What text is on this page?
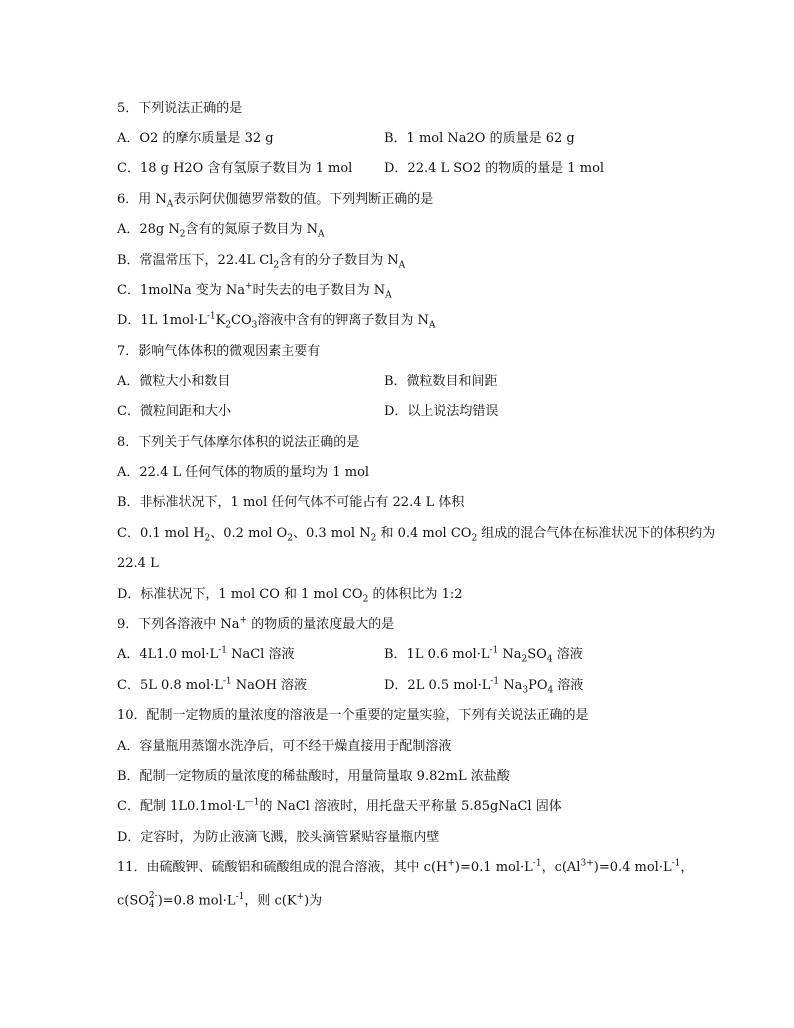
5．下列说法正确的是
A．O2 的摩尔质量是 32 g	B．1 mol Na2O 的质量是 62 g
C．18 g H2O 含有氢原子数目为 1 mol D．22.4 L SO2 的物质的量是 1 mol
6．用 $N_A$表示阿伏伽德罗常数的值。下列判断正确的是
A．28g $N_2$含有的氮原子数目为 $N_A$
B．常温常压下，22.4L $Cl_2$含有的分子数目为 $N_A$
C．1molNa 变为 Na+时失去的电子数目为 $N_A$
D．1L $1mol\cdot L^{-1}K_2CO_3$溶液中含有的钾离子数目为 $N_A$
7．影响气体体积的微观因素主要有
A．微粒大小和数目	B．微粒数目和间距
C．微粒间距和大小	D．以上说法均错误
8．下列关于气体摩尔体积的说法正确的是
A．22.4 L 任何气体的物质的量均为 1 mol
B．非标准状况下，1 mol 任何气体不可能占有 22.4 L 体积
C．0.1 mol $H_2$、0.2 mol $O_2$、0.3 mol $N_2$ 和 0.4 mol $CO_2$ 组成的混合气体在标准状况下的体积约为
22.4 L
D．标准状况下，1 mol CO 和 1 mol $CO_2$ 的体积比为 1:2
9．下列各溶液中 Na+ 的物质的量浓度最大的是
A．4L1.0 $mol\cdot L^{-1}$ NaCl 溶液	B．1L 0.6 $mol\cdot L^{-1}$ $Na_2SO_4$ 溶液
C．5L 0.8 $mol\cdot L^{-1}$ NaOH 溶液	D．2L 0.5 $mol\cdot L^{-1}$ $Na_3PO_4$ 溶液
10．配制一定物质的量浓度的溶液是一个重要的定量实验，下列有关说法正确的是
A．容量瓶用蒸馏水洗净后，可不经干燥直接用于配制溶液
B．配制一定物质的量浓度的稀盐酸时，用量筒量取 9.82mL 浓盐酸
C．配制 $1L0.1mol\cdot L^{—1}$的 NaCl 溶液时，用托盘天平称量 5.85gNaCl 固体
D．定容时，为防止液滴飞溅，胶头滴管紧贴容量瓶内壁
11．由硫酸钾、硫酸铝和硫酸组成的混合溶液，其中 c(H+)=0.1 $mol\cdot L^{-1}$，$c(Al^{3+})=0.4$ $mol\cdot L^{-1}$，
c(SO 2-
4 )=0.8 $mol\cdot L^{-1}$，则 c(K+)为
